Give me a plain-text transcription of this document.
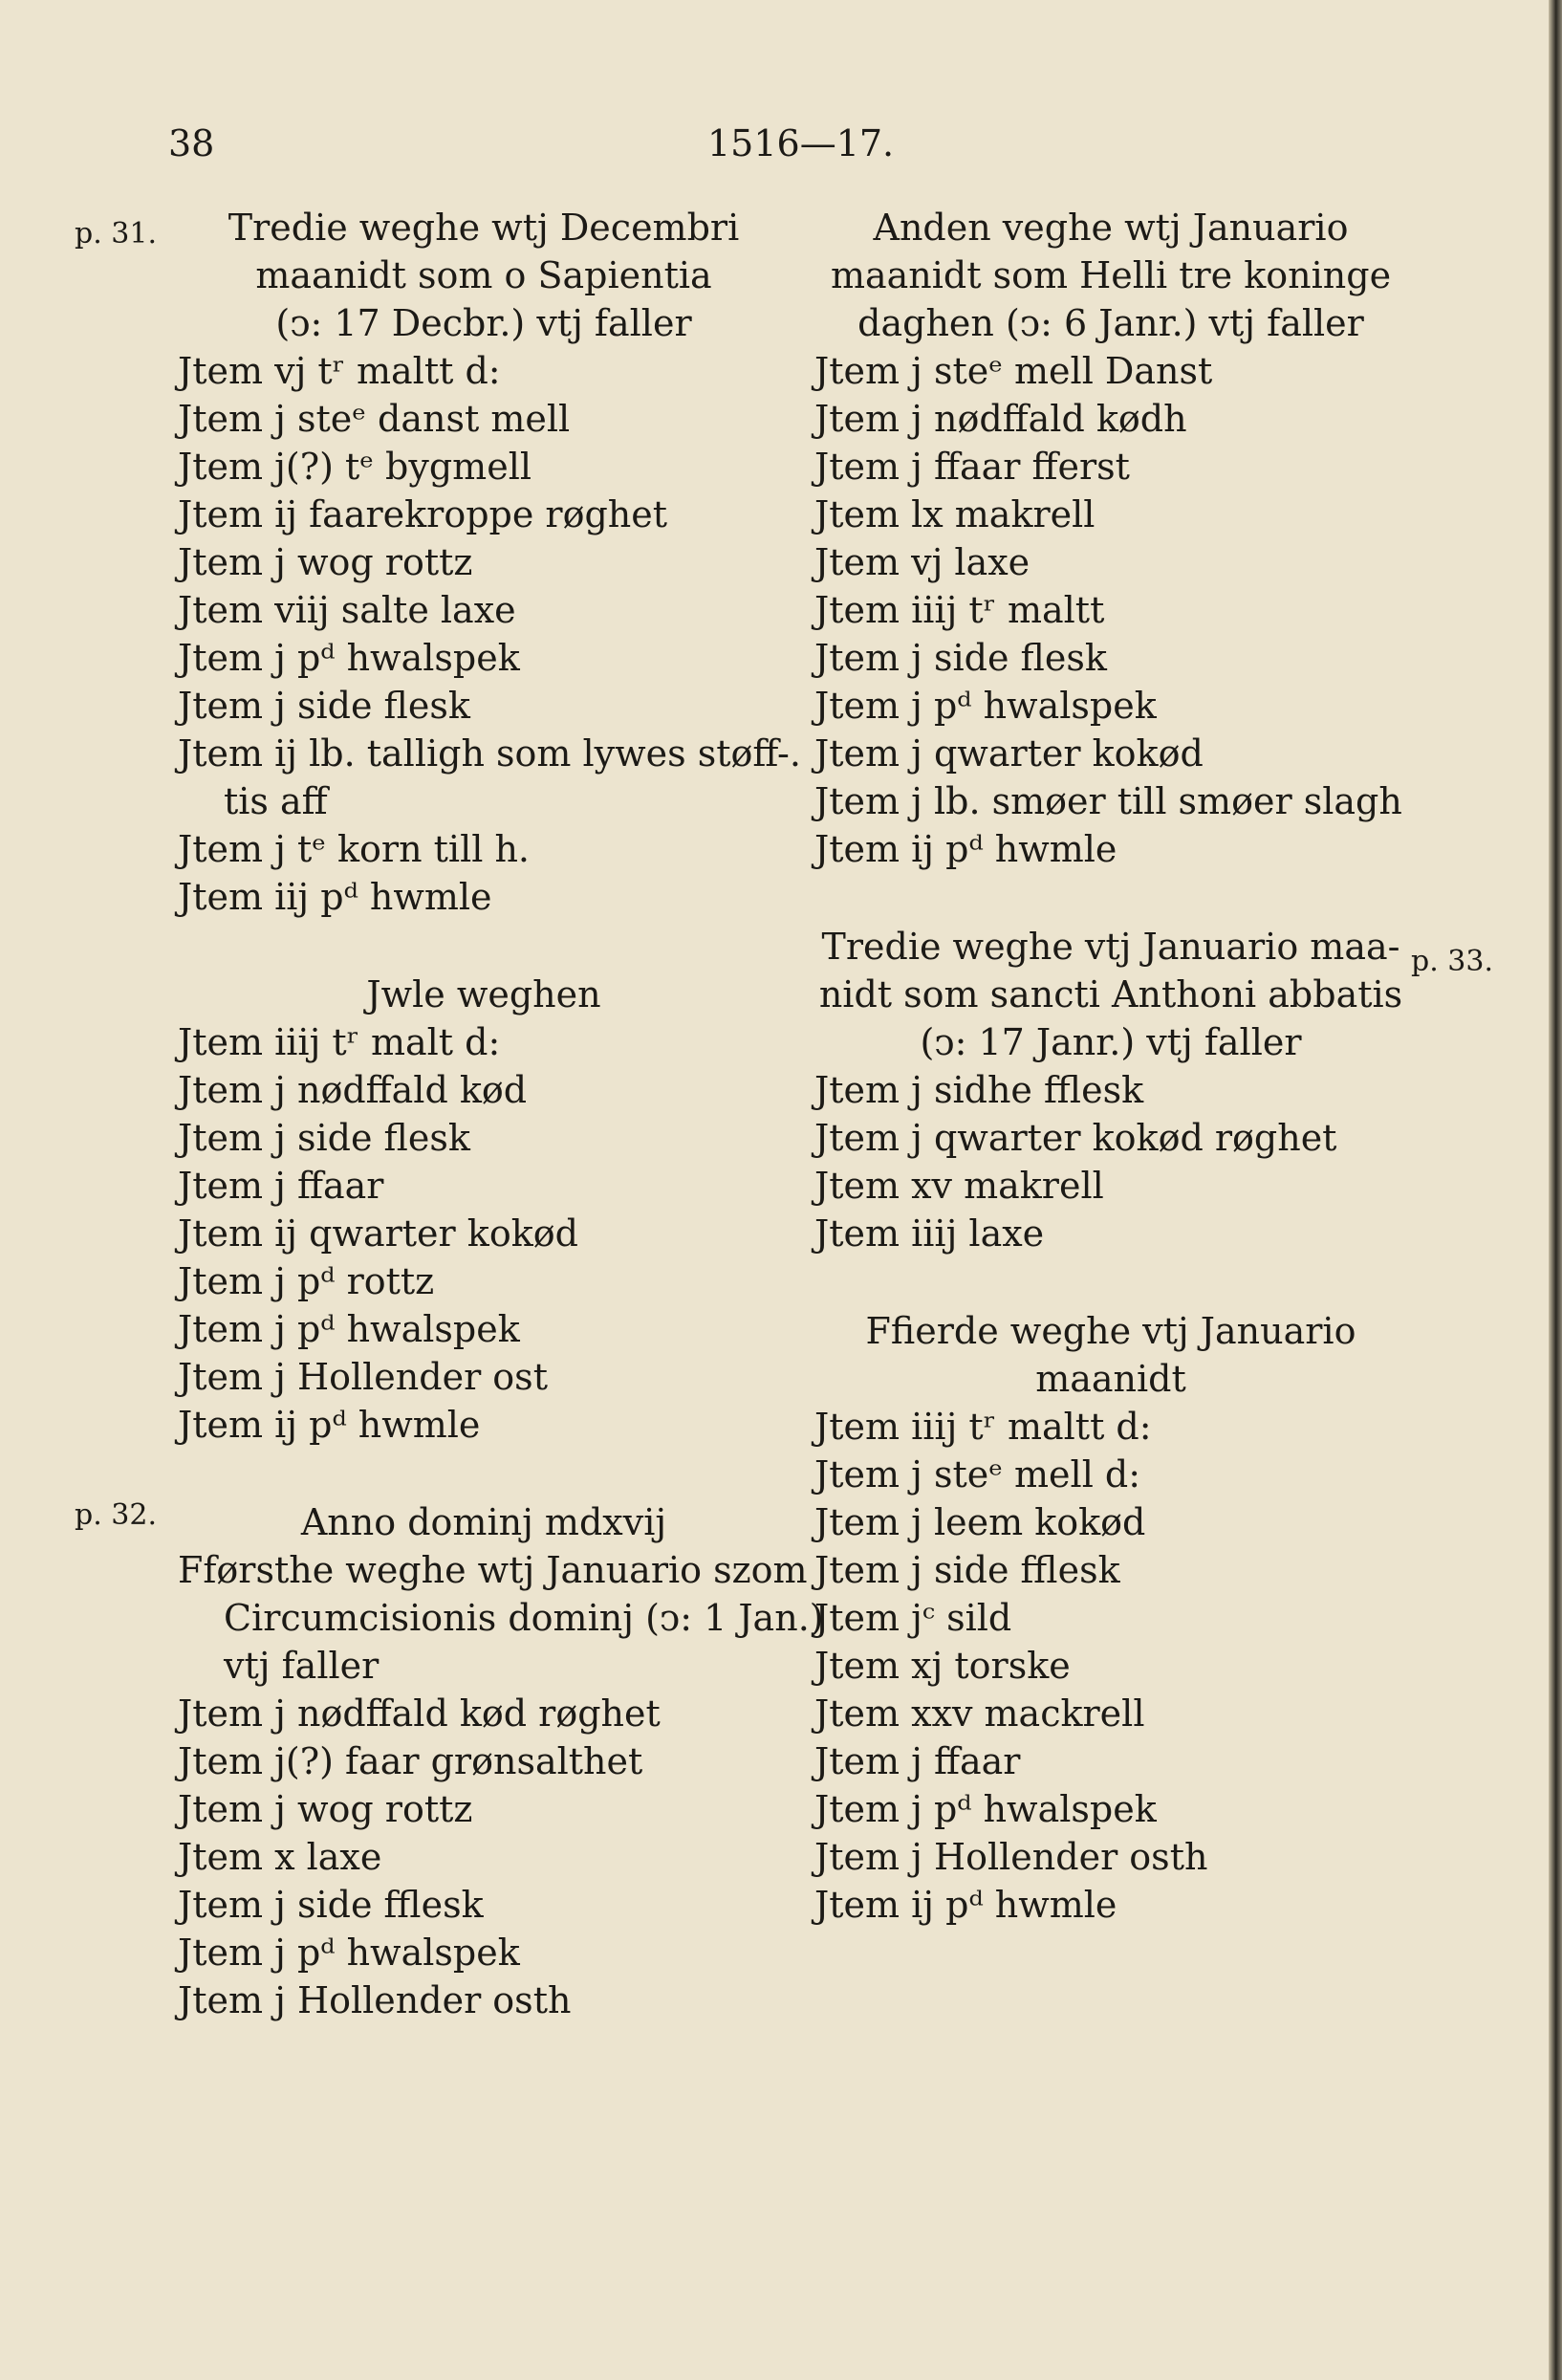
38	1516—17.
p. 31.
p. 32.
p. 33.
Tredie weghe wtj Decembri
maanidt som o Sapientia
(ↄ: 17 Decbr.) vtj faller
Jtem vj tʳ maltt d:
Jtem j steᵉ danst mell
Jtem j(?) tᵉ bygmell
Jtem ij faarekroppe røghet
Jtem j wog rottz
Jtem viij salte laxe
Jtem j pᵈ hwalspek
Jtem j side flesk
Jtem ij lb. talligh som lywes støff-.
tis aff
Jtem j tᵉ korn till h.
Jtem iij pᵈ hwmle
Jwle weghen
Jtem iiij tʳ malt d:
Jtem j nødffald kød
Jtem j side flesk
Jtem j ffaar
Jtem ij qwarter kokød
Jtem j pᵈ rottz
Jtem j pᵈ hwalspek
Jtem j Hollender ost
Jtem ij pᵈ hwmle
Anno dominj mdxvij
Fførsthe weghe wtj Januario szom
Circumcisionis dominj (ↄ: 1 Jan.)
vtj faller
Jtem j nødffald kød røghet
Jtem j(?) faar grønsalthet
Jtem j wog rottz
Jtem x laxe
Jtem j side fflesk
Jtem j pᵈ hwalspek
Jtem j Hollender osth
Anden veghe wtj Januario
maanidt som Helli tre koninge
daghen (ↄ: 6 Janr.) vtj faller
Jtem j steᵉ mell Danst
Jtem j nødffald kødh
Jtem j ffaar fferst
Jtem lx makrell
Jtem vj laxe
Jtem iiij tʳ maltt
Jtem j side flesk
Jtem j pᵈ hwalspek
Jtem j qwarter kokød
Jtem j lb. smøer till smøer slagh
Jtem ij pᵈ hwmle
Tredie weghe vtj Januario maa-
nidt som sancti Anthoni abbatis
(ↄ: 17 Janr.) vtj faller
Jtem j sidhe fflesk
Jtem j qwarter kokød røghet
Jtem xv makrell
Jtem iiij laxe
Ffierde weghe vtj Januario
maanidt
Jtem iiij tʳ maltt d:
Jtem j steᵉ mell d:
Jtem j leem kokød
Jtem j side fflesk
Jtem jᶜ sild
Jtem xj torske
Jtem xxv mackrell
Jtem j ffaar
Jtem j pᵈ hwalspek
Jtem j Hollender osth
Jtem ij pᵈ hwmle
